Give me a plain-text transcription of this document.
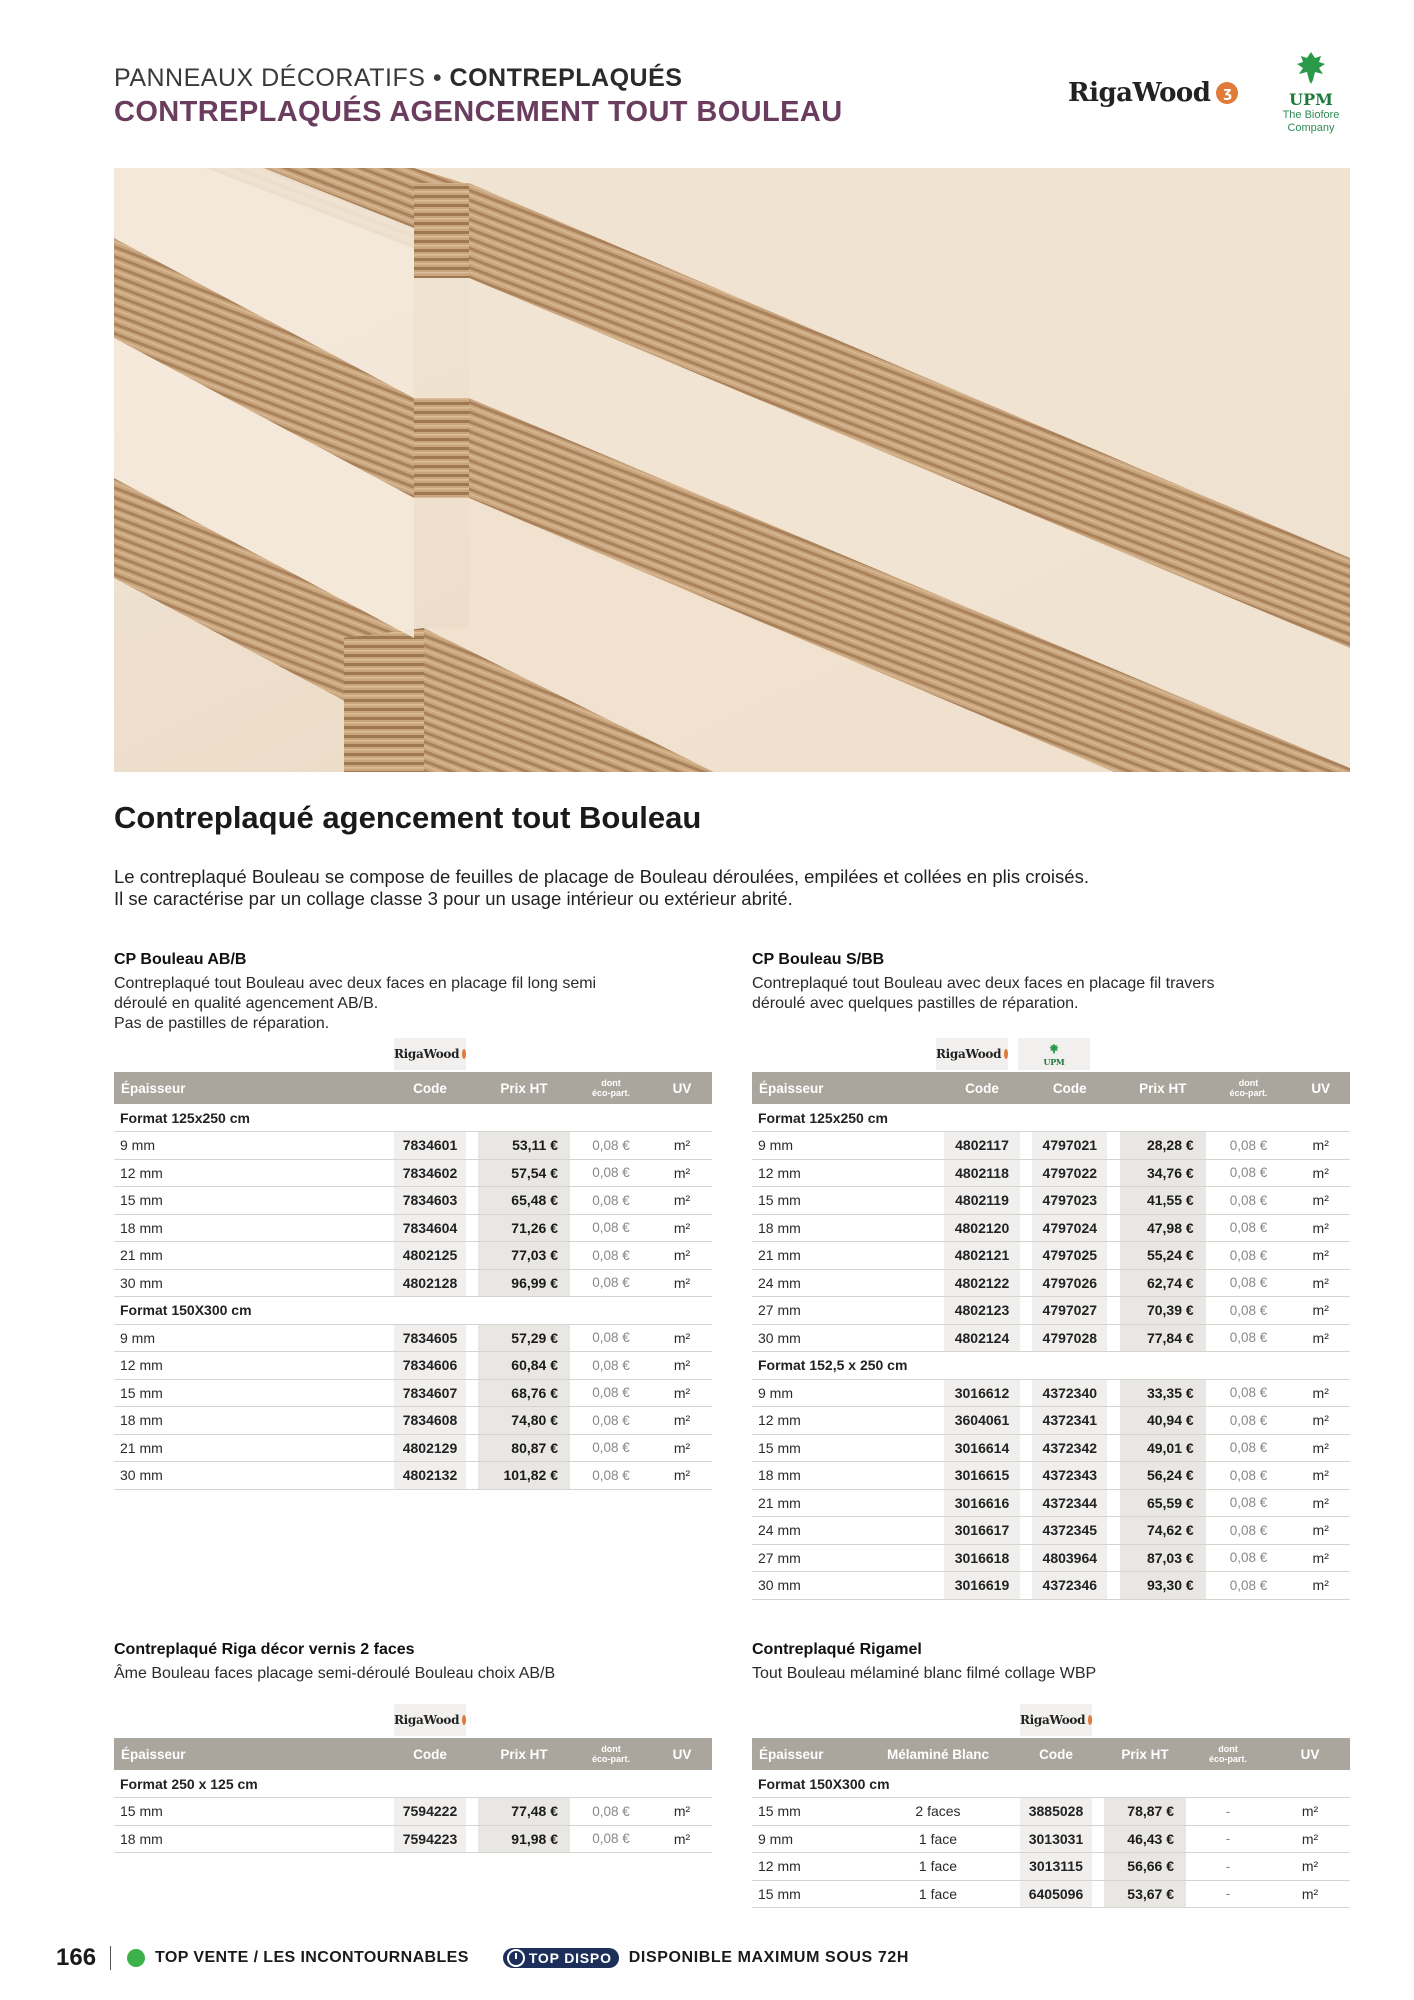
PANNEAUX DÉCORATIFS • CONTREPLAQUÉS
CONTREPLAQUÉS AGENCEMENT TOUT BOULEAU
RigaWood ʒ	UPM
The Biofore
Company
Contreplaqué agencement tout Bouleau
Le contreplaqué Bouleau se compose de feuilles de placage de Bouleau déroulées, empilées et collées en plis croisés.
Il se caractérise par un collage classe 3 pour un usage intérieur ou extérieur abrité.
CP Bouleau AB/B
Contreplaqué tout Bouleau avec deux faces en placage fil long semi
déroulé en qualité agencement AB/B.
Pas de pastilles de réparation.
RigaWood
Épaisseur	Code		Prix HT	dont
éco-part.	UV
Format 125x250 cm					
9 mm	7834601		53,11 €	0,08 €	m²
12 mm	7834602		57,54 €	0,08 €	m²
15 mm	7834603		65,48 €	0,08 €	m²
18 mm	7834604		71,26 €	0,08 €	m²
21 mm	4802125		77,03 €	0,08 €	m²
30 mm	4802128		96,99 €	0,08 €	m²
Format 150X300 cm					
9 mm	7834605		57,29 €	0,08 €	m²
12 mm	7834606		60,84 €	0,08 €	m²
15 mm	7834607		68,76 €	0,08 €	m²
18 mm	7834608		74,80 €	0,08 €	m²
21 mm	4802129		80,87 €	0,08 €	m²
30 mm	4802132		101,82 €	0,08 €	m²
CP Bouleau S/BB
Contreplaqué tout Bouleau avec deux faces en placage fil travers
déroulé avec quelques pastilles de réparation.
RigaWood
UPM
Épaisseur	Code		Code		Prix HT	dont
éco-part.	UV
Format 125x250 cm							
9 mm	4802117		4797021		28,28 €	0,08 €	m²
12 mm	4802118		4797022		34,76 €	0,08 €	m²
15 mm	4802119		4797023		41,55 €	0,08 €	m²
18 mm	4802120		4797024		47,98 €	0,08 €	m²
21 mm	4802121		4797025		55,24 €	0,08 €	m²
24 mm	4802122		4797026		62,74 €	0,08 €	m²
27 mm	4802123		4797027		70,39 €	0,08 €	m²
30 mm	4802124		4797028		77,84 €	0,08 €	m²
Format 152,5 x 250 cm							
9 mm	3016612		4372340		33,35 €	0,08 €	m²
12 mm	3604061		4372341		40,94 €	0,08 €	m²
15 mm	3016614		4372342		49,01 €	0,08 €	m²
18 mm	3016615		4372343		56,24 €	0,08 €	m²
21 mm	3016616		4372344		65,59 €	0,08 €	m²
24 mm	3016617		4372345		74,62 €	0,08 €	m²
27 mm	3016618		4803964		87,03 €	0,08 €	m²
30 mm	3016619		4372346		93,30 €	0,08 €	m²
Contreplaqué Riga décor vernis 2 faces
Âme Bouleau faces placage semi-déroulé Bouleau choix AB/B
RigaWood
Épaisseur	Code		Prix HT	dont
éco-part.	UV
Format 250 x 125 cm					
15 mm	7594222		77,48 €	0,08 €	m²
18 mm	7594223		91,98 €	0,08 €	m²
Contreplaqué Rigamel
Tout Bouleau mélaminé blanc filmé collage WBP
RigaWood
Épaisseur	Mélaminé Blanc	Code		Prix HT	dont
éco-part.	UV
Format 150X300 cm						
15 mm	2 faces	3885028		78,87 €	-	m²
9 mm	1 face	3013031		46,43 €	-	m²
12 mm	1 face	3013115		56,66 €	-	m²
15 mm	1 face	6405096		53,67 €	-	m²
166	TOP VENTE / LES INCONTOURNABLES	TOP DISPO DISPONIBLE MAXIMUM SOUS 72H
